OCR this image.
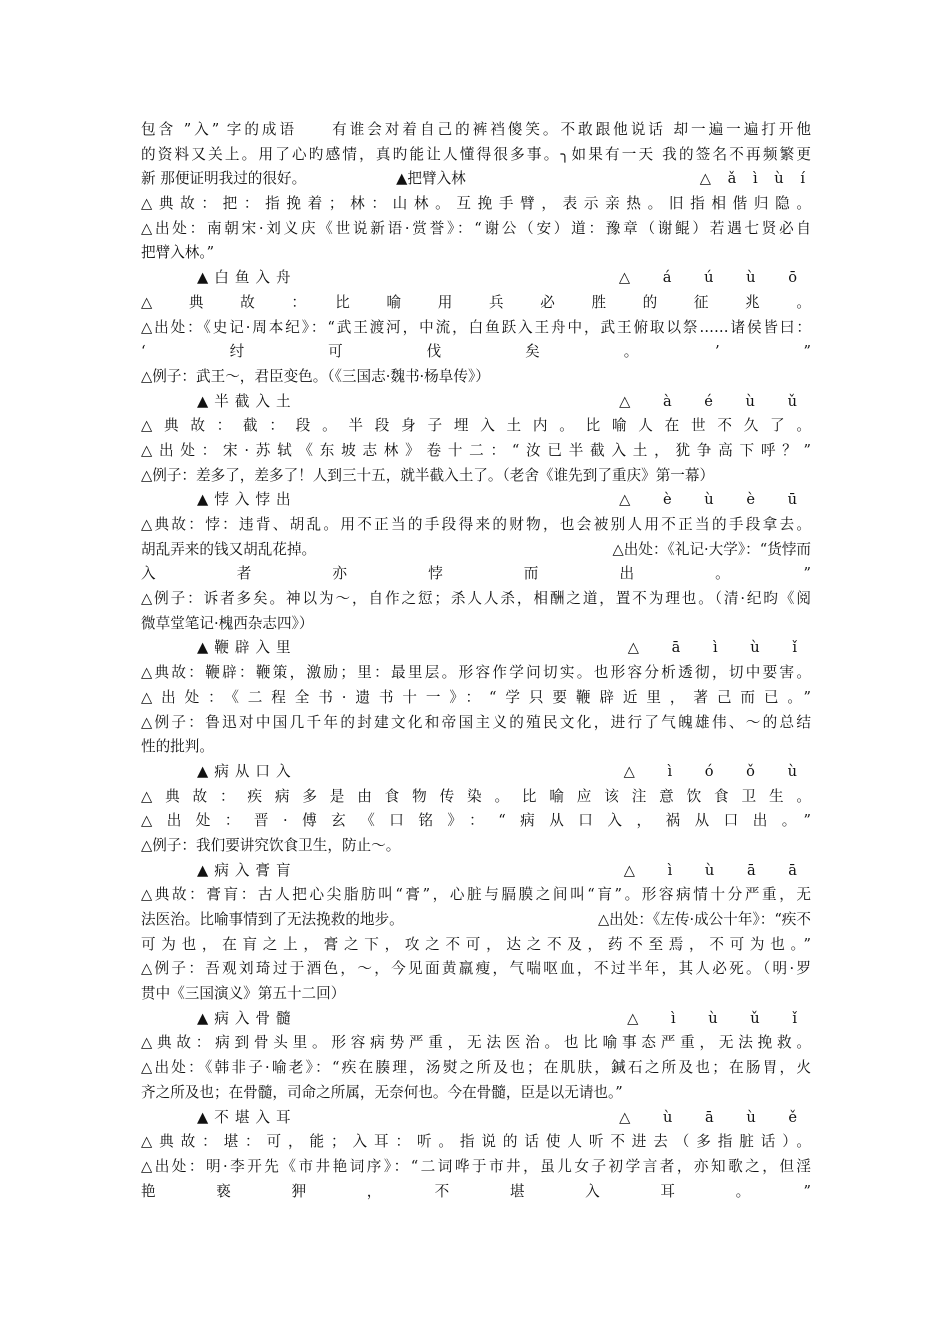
包含 ”入” 字的成语　　有谁会对着自己的裤裆傻笑。不敢跟他说话 却一遍一遍打开他
的资料又关上。用了心旳感情，真旳能让人懂得很多事。╮如果有一天 我的签名不再频繁更
新 那便证明我过的很好。	▲把臂入林	△ ǎ ì ù í
△典故：把：指挽着；林：山林。互挽手臂，表示亲热。旧指相偕归隐。
△出处：南朝宋·刘义庆《世说新语·赏誉》：“谢公（安）道：豫章（谢鲲）若遇七贤必自
把臂入林。”
▲白鱼入舟	△ á ú ù ō
△　典　故　：　比　喻　用　兵　必　胜　的　征　兆　。
△出处：《史记·周本纪》：“武王渡河，中流，白鱼跃入王舟中，武王俯取以祭……诸侯皆曰：
‘　　纣　　可　　伐　　矣　　。　　’　　”
△例子：武王～，君臣变色。（《三国志·魏书·杨阜传》）
▲半截入土	△ à é ù ǔ
△典故：截：段。半段身子埋入土内。比喻人在世不久了。
△出处：宋·苏轼《东坡志林》卷十二：“汝已半截入土，犹争高下呼？”
△例子：差多了，差多了！人到三十五，就半截入土了。（老舍《谁先到了重庆》第一幕）
▲悖入悖出	△ è ù è ū
△典故：悖：违背、胡乱。用不正当的手段得来的财物，也会被别人用不正当的手段拿去。
胡乱弄来的钱又胡乱花掉。	△出处：《礼记·大学》：“货悖而
入　　者　　亦　　悖　　而　　出　　。　　”
△例子：诉者多矣。神以为～，自作之愆；杀人人杀，相酬之道，置不为理也。（清·纪昀《阅
微草堂笔记·槐西杂志四》）
▲鞭辟入里	△ ā ì ù ǐ
△典故：鞭辟：鞭策，激励；里：最里层。形容作学问切实。也形容分析透彻，切中要害。
△出处：《二程全书·遗书十一》：“学只要鞭辟近里，著己而已。”
△例子：鲁迅对中国几千年的封建文化和帝国主义的殖民文化，进行了气魄雄伟、～的总结
性的批判。
▲病从口入	△ ì ó ǒ ù
△典故：疾病多是由食物传染。比喻应该注意饮食卫生。
△出处：晋·傅玄《口铭》：“病从口入，祸从口出。”
△例子：我们要讲究饮食卫生，防止～。
▲病入膏肓	△ ì ù ā ā
△典故：膏肓：古人把心尖脂肪叫“膏”，心脏与膈膜之间叫“肓”。形容病情十分严重，无
法医治。比喻事情到了无法挽救的地步。	△出处：《左传·成公十年》：“疾不
可为也，在肓之上，膏之下，攻之不可，达之不及，药不至焉，不可为也。”
△例子：吾观刘琦过于酒色，～，今见面黄羸瘦，气喘呕血，不过半年，其人必死。（明·罗
贯中《三国演义》第五十二回）
▲病入骨髓	△ ì ù ǔ ǐ
△典故：病到骨头里。形容病势严重，无法医治。也比喻事态严重，无法挽救。
△出处：《韩非子·喻老》：“疾在腠理，汤熨之所及也；在肌肤，鍼石之所及也；在肠胃，火
齐之所及也；在骨髓，司命之所属，无奈何也。今在骨髓，臣是以无请也。”
▲不堪入耳	△ ù ā ù ě
△典故：堪：可，能；入耳：听。指说的话使人听不进去（多指脏话）。
△出处：明·李开先《市井艳词序》：“二词哗于市井，虽儿女子初学言者，亦知歌之，但淫
艳　　亵　　狎　　，　　不　　堪　　入　　耳　　。　　”
